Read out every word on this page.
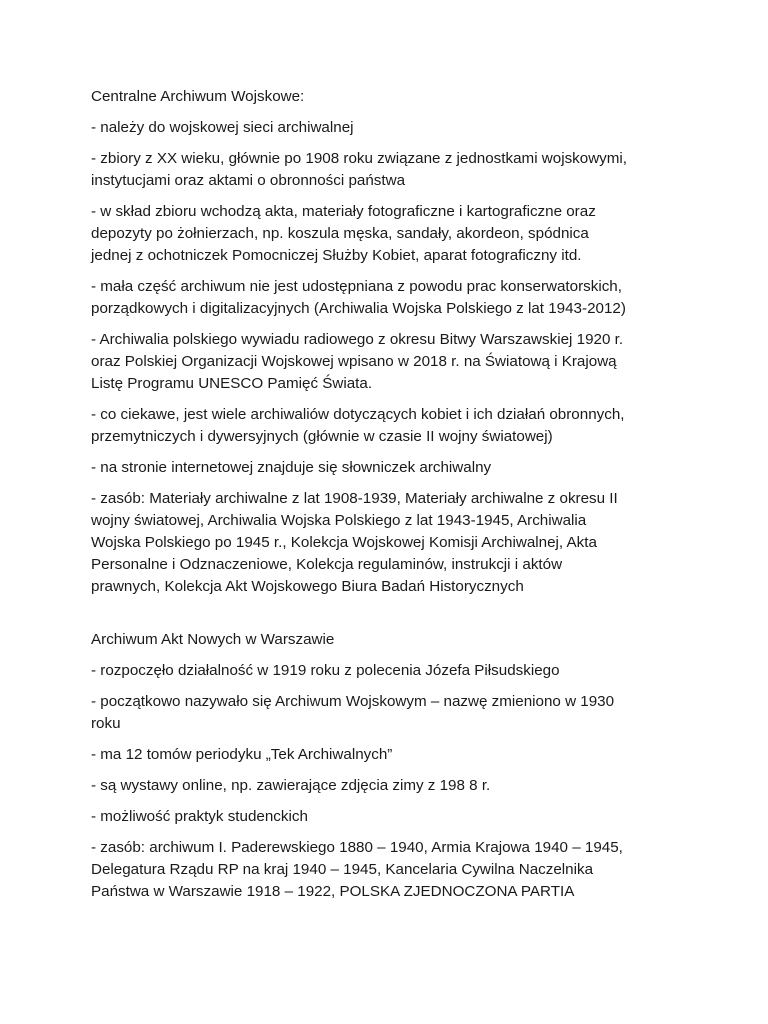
Centralne Archiwum Wojskowe:
- należy do wojskowej sieci archiwalnej
- zbiory z XX wieku, głównie po 1908 roku związane z jednostkami wojskowymi,
instytucjami oraz aktami o obronności państwa
- w skład zbioru wchodzą akta, materiały fotograficzne i kartograficzne oraz
depozyty po żołnierzach, np. koszula męska, sandały, akordeon, spódnica
jednej z ochotniczek Pomocniczej Służby Kobiet, aparat fotograficzny itd.
- mała część archiwum nie jest udostępniana z powodu prac konserwatorskich,
porządkowych i digitalizacyjnych (Archiwalia Wojska Polskiego z lat 1943-2012)
- Archiwalia polskiego wywiadu radiowego z okresu Bitwy Warszawskiej 1920 r.
oraz Polskiej Organizacji Wojskowej wpisano w 2018 r. na Światową i Krajową
Listę Programu UNESCO Pamięć Świata.
- co ciekawe, jest wiele archiwaliów dotyczących kobiet i ich działań obronnych,
przemytniczych i dywersyjnych (głównie w czasie II wojny światowej)
- na stronie internetowej znajduje się słowniczek archiwalny
- zasób: Materiały archiwalne z lat 1908-1939, Materiały archiwalne z okresu II
wojny światowej, Archiwalia Wojska Polskiego z lat 1943-1945, Archiwalia
Wojska Polskiego po 1945 r., Kolekcja Wojskowej Komisji Archiwalnej, Akta
Personalne i Odznaczeniowe, Kolekcja regulaminów, instrukcji i aktów
prawnych, Kolekcja Akt Wojskowego Biura Badań Historycznych
Archiwum Akt Nowych w Warszawie
- rozpoczęło działalność w 1919 roku z polecenia Józefa Piłsudskiego
- początkowo nazywało się Archiwum Wojskowym – nazwę zmieniono w 1930
roku
- ma 12 tomów periodyku „Tek Archiwalnych”
- są wystawy online, np. zawierające zdjęcia zimy z 198 8 r.
- możliwość praktyk studenckich
- zasób: archiwum I. Paderewskiego 1880 – 1940, Armia Krajowa 1940 – 1945,
Delegatura Rządu RP na kraj 1940 – 1945, Kancelaria Cywilna Naczelnika
Państwa w Warszawie 1918 – 1922, POLSKA ZJEDNOCZONA PARTIA
